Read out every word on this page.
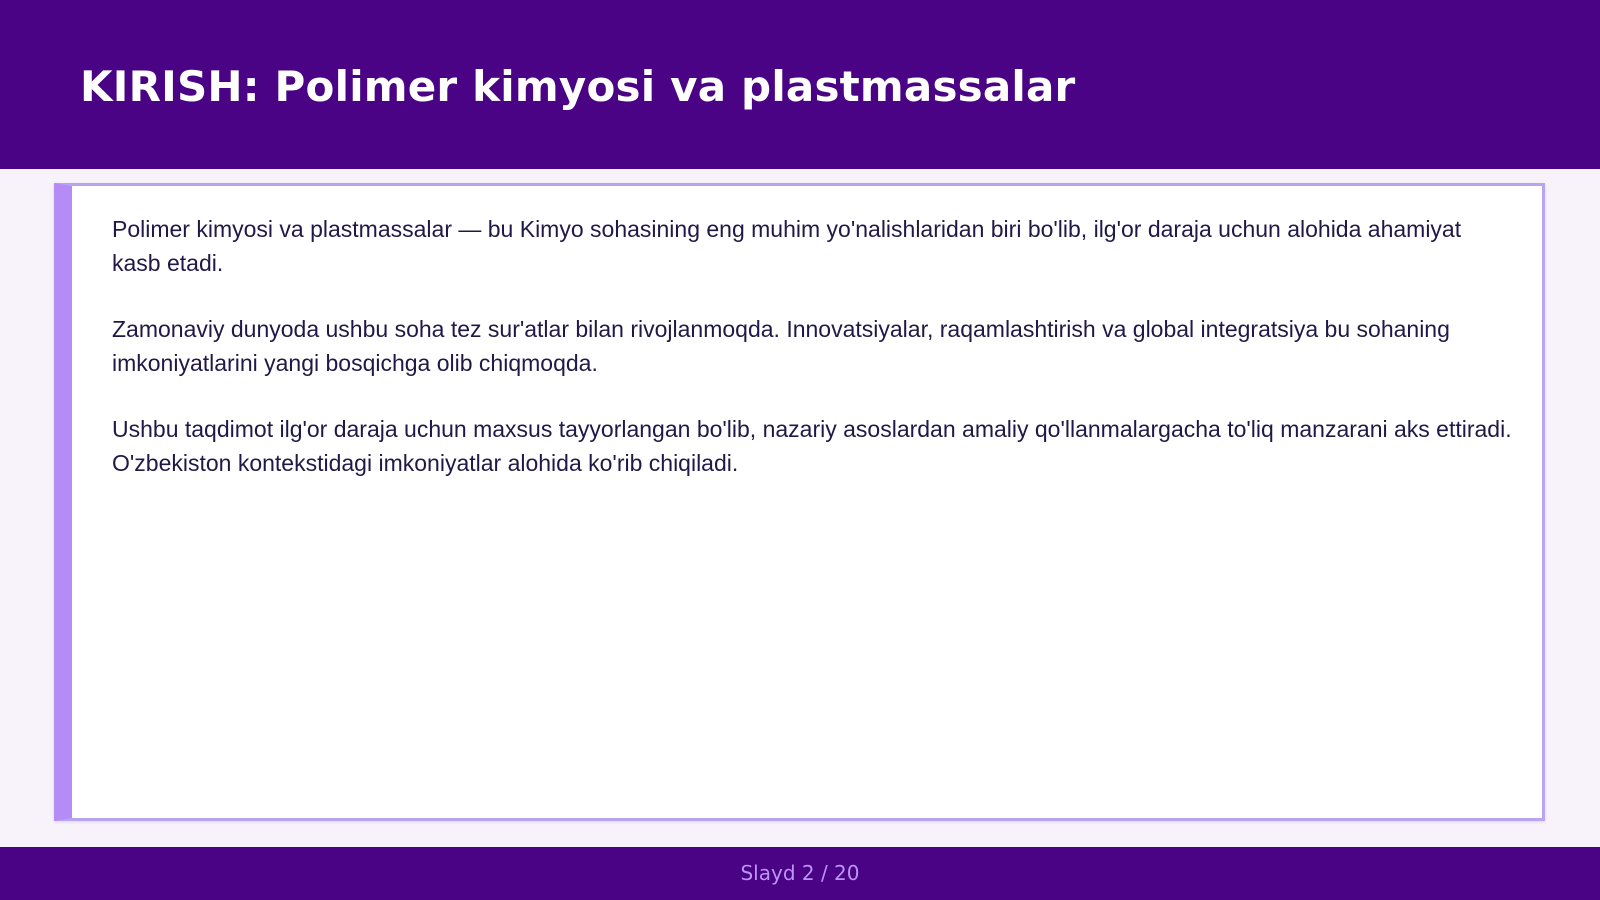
KIRISH: Polimer kimyosi va plastmassalar

Polimer kimyosi va plastmassalar — bu Kimyo sohasining eng muhim yo'nalishlaridan biri bo'lib, ilg'or daraja uchun alohida ahamiyat kasb etadi.

Zamonaviy dunyoda ushbu soha tez sur'atlar bilan rivojlanmoqda. Innovatsiyalar, raqamlashtirish va global integratsiya bu sohaning imkoniyatlarini yangi bosqichga olib chiqmoqda.

Ushbu taqdimot ilg'or daraja uchun maxsus tayyorlangan bo'lib, nazariy asoslardan amaliy qo'llanmalargacha to'liq manzarani aks ettiradi. O'zbekiston kontekstidagi imkoniyatlar alohida ko'rib chiqiladi.

Slayd 2 / 20
